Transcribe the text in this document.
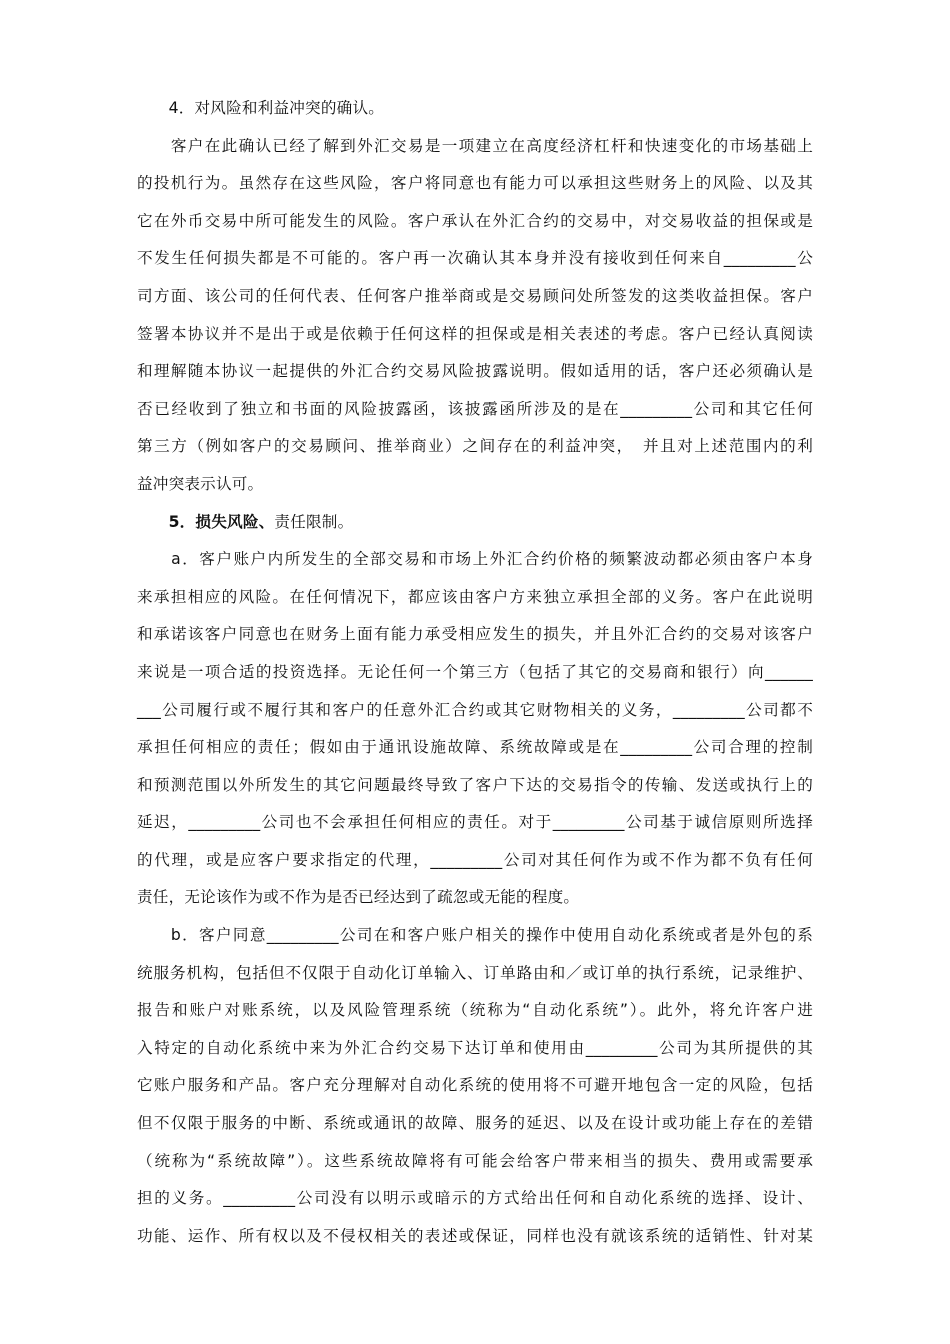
　　4．对风险和利益冲突的确认。
　　客户在此确认已经了解到外汇交易是一项建立在高度经济杠杆和快速变化的市场基础上
的投机行为。虽然存在这些风险，客户将同意也有能力可以承担这些财务上的风险、以及其
它在外币交易中所可能发生的风险。客户承认在外汇合约的交易中，对交易收益的担保或是
不发生任何损失都是不可能的。客户再一次确认其本身并没有接收到任何来自_________公
司方面、该公司的任何代表、任何客户推举商或是交易顾问处所签发的这类收益担保。客户
签署本协议并不是出于或是依赖于任何这样的担保或是相关表述的考虑。客户已经认真阅读
和理解随本协议一起提供的外汇合约交易风险披露说明。假如适用的话，客户还必须确认是
否已经收到了独立和书面的风险披露函，该披露函所涉及的是在_________公司和其它任何
第三方（例如客户的交易顾问、推举商业）之间存在的利益冲突，　并且对上述范围内的利
益冲突表示认可。
　　5．损失风险、责任限制。
　　a．客户账户内所发生的全部交易和市场上外汇合约价格的频繁波动都必须由客户本身
来承担相应的风险。在任何情况下，都应该由客户方来独立承担全部的义务。客户在此说明
和承诺该客户同意也在财务上面有能力承受相应发生的损失，并且外汇合约的交易对该客户
来说是一项合适的投资选择。无论任何一个第三方（包括了其它的交易商和银行）向______
___公司履行或不履行其和客户的任意外汇合约或其它财物相关的义务，_________公司都不
承担任何相应的责任；假如由于通讯设施故障、系统故障或是在_________公司合理的控制
和预测范围以外所发生的其它问题最终导致了客户下达的交易指令的传输、发送或执行上的
延迟，_________公司也不会承担任何相应的责任。对于_________公司基于诚信原则所选择
的代理，或是应客户要求指定的代理，_________公司对其任何作为或不作为都不负有任何
责任，无论该作为或不作为是否已经达到了疏忽或无能的程度。
　　b．客户同意_________公司在和客户账户相关的操作中使用自动化系统或者是外包的系
统服务机构，包括但不仅限于自动化订单输入、订单路由和／或订单的执行系统，记录维护、
报告和账户对账系统，以及风险管理系统（统称为“自动化系统”）。此外，将允许客户进
入特定的自动化系统中来为外汇合约交易下达订单和使用由_________公司为其所提供的其
它账户服务和产品。客户充分理解对自动化系统的使用将不可避开地包含一定的风险，包括
但不仅限于服务的中断、系统或通讯的故障、服务的延迟、以及在设计或功能上存在的差错
（统称为“系统故障”）。这些系统故障将有可能会给客户带来相当的损失、费用或需要承
担的义务。_________公司没有以明示或暗示的方式给出任何和自动化系统的选择、设计、
功能、运作、所有权以及不侵权相关的表述或保证，同样也没有就该系统的适销性、针对某
